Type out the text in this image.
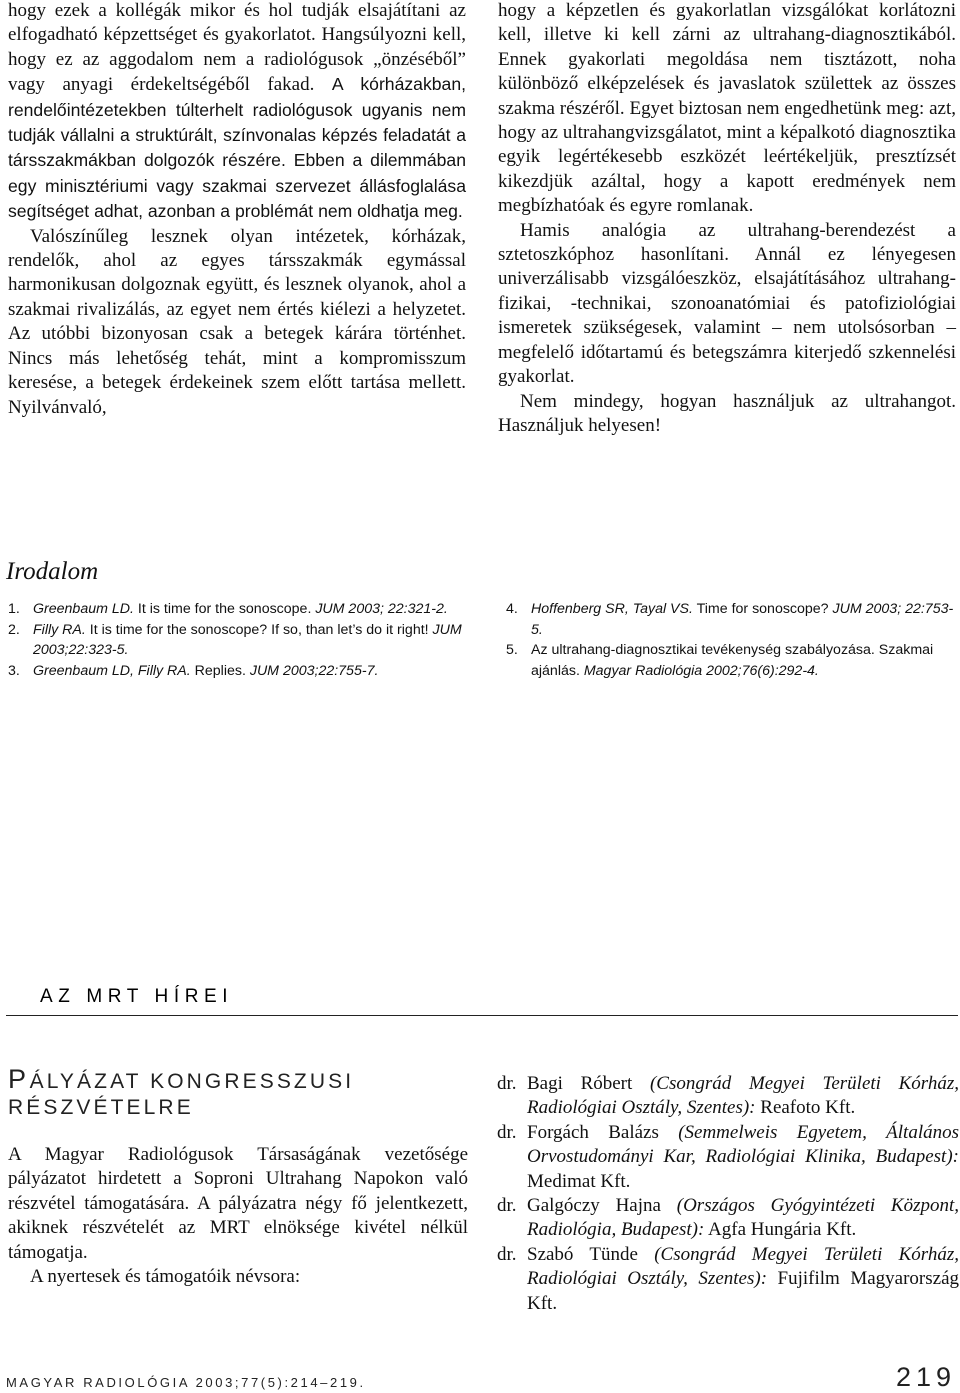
hogy ezek a kollégák mikor és hol tudják elsajátítani az elfogadható képzettséget és gyakorlatot. Hangsúlyozni kell, hogy ez az aggodalom nem a radiológusok „önzéséből” vagy anyagi érdekeltségéből fakad. A kórházakban, rendelőintézetekben túlterhelt radiológusok ugyanis nem tudják vállalni a struktúrált, színvonalas képzés feladatát a társszakmákban dolgozók részére. Ebben a dilemmában egy minisztériumi vagy szakmai szervezet állásfoglalása segítséget adhat, azonban a problémát nem oldhatja meg.

Valószínűleg lesznek olyan intézetek, kórházak, rendelők, ahol az egyes társszakmák egymással harmonikusan dolgoznak együtt, és lesznek olyanok, ahol a szakmai rivalizálás, az egyet nem értés kiélezi a helyzetet. Az utóbbi bizonyosan csak a betegek kárára történhet. Nincs más lehetőség tehát, mint a kompromisszum keresése, a betegek érdekeinek szem előtt tartása mellett. Nyilvánvaló,

hogy a képzetlen és gyakorlatlan vizsgálókat korlátozni kell, illetve ki kell zárni az ultrahang-diagnosztikából. Ennek gyakorlati megoldása nem tisztázott, noha különböző elképzelések és javaslatok születtek az összes szakma részéről. Egyet biztosan nem engedhetünk meg: azt, hogy az ultrahangvizsgálatot, mint a képalkotó diagnosztika egyik legértékesebb eszközét leértékeljük, presztízsét kikezdjük azáltal, hogy a kapott eredmények nem megbízhatóak és egyre romlanak.

Hamis analógia az ultrahang-berendezést a sztetoszkóphoz hasonlítani. Annál ez lényegesen univerzálisabb vizsgálóeszköz, elsajátításához ultrahang-fizikai, -technikai, szonoanatómiai és patofiziológiai ismeretek szükségesek, valamint – nem utolsósorban – megfelelő időtartamú és betegszámra kiterjedő szkennelési gyakorlat.

Nem mindegy, hogyan használjuk az ultrahangot. Használjuk helyesen!

Irodalom
1. Greenbaum LD. It is time for the sonoscope. JUM 2003; 22:321-2.
2. Filly RA. It is time for the sonoscope? If so, than let’s do it right! JUM 2003;22:323-5.
3. Greenbaum LD, Filly RA. Replies. JUM 2003;22:755-7.
4. Hoffenberg SR, Tayal VS. Time for sonoscope? JUM 2003; 22:753-5.
5. Az ultrahang-diagnosztikai tevékenység szabályozása. Szakmai ajánlás. Magyar Radiológia 2002;76(6):292-4.
AZ MRT HÍREI
PÁLYÁZAT KONGRESSZUSI
RÉSZVÉTELRE

A Magyar Radiológusok Társaságának vezetősége pályázatot hirdetett a Soproni Ultrahang Napokon való részvétel támogatására. A pályázatra négy fő jelentkezett, akiknek részvételét az MRT elnöksége kivétel nélkül támogatja.

A nyertesek és támogatóik névsora:

dr. Bagi Róbert (Csongrád Megyei Területi Kórház, Radiológiai Osztály, Szentes): Reafoto Kft.
dr. Forgách Balázs (Semmelweis Egyetem, Általános Orvostudományi Kar, Radiológiai Klinika, Budapest): Medimat Kft.
dr. Galgóczy Hajna (Országos Gyógyintézeti Központ, Radiológia, Budapest): Agfa Hungária Kft.
dr. Szabó Tünde (Csongrád Megyei Területi Kórház, Radiológiai Osztály, Szentes): Fujifilm Magyarország Kft.
MAGYAR RADIOLÓGIA 2003;77(5):214–219.	219
